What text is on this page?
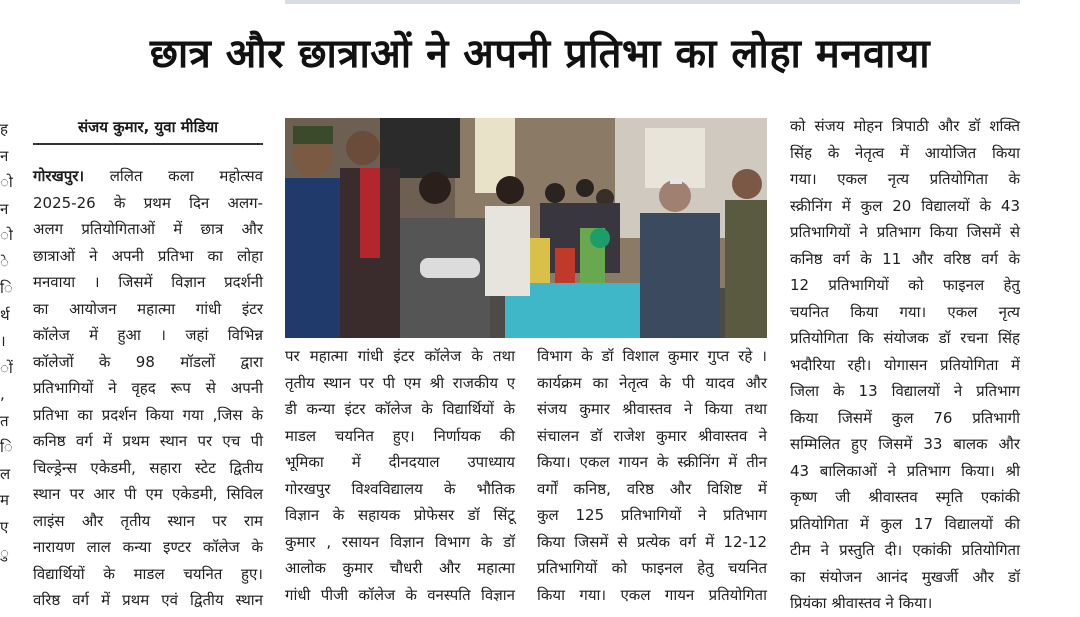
छात्र और छात्राओं ने अपनी प्रतिभा का लोहा मनवाया
ह
न
ो
न
ो
े
ि
र्थ
।
ों
,
त
ि
ल
म
ए
ु
संजय कुमार, युवा मीडिया
गोरखपुर। ललित कला महोत्सव
2025-26 के प्रथम दिन अलग-
अलग प्रतियोगिताओं में छात्र और
छात्राओं ने अपनी प्रतिभा का लोहा
मनवाया । जिसमें विज्ञान प्रदर्शनी
का आयोजन महात्मा गांधी इंटर
कॉलेज में हुआ । जहां विभिन्न
कॉलेजों के 98 मॉडलों द्वारा
प्रतिभागियों ने वृहद रूप से अपनी
प्रतिभा का प्रदर्शन किया गया ,जिस के
कनिष्ठ वर्ग में प्रथम स्थान पर एच पी
चिल्ड्रेन्स एकेडमी, सहारा स्टेट द्वितीय
स्थान पर आर पी एम एकेडमी, सिविल
लाइंस और तृतीय स्थान पर राम
नारायण लाल कन्या इण्टर कॉलेज के
विद्यार्थियों के माडल चयनित हुए।
वरिष्ठ वर्ग में प्रथम एवं द्वितीय स्थान
पर महात्मा गांधी इंटर कॉलेज के तथा
तृतीय स्थान पर पी एम श्री राजकीय ए
डी कन्या इंटर कॉलेज के विद्यार्थियों के
माडल चयनित हुए। निर्णायक की
भूमिका में दीनदयाल उपाध्याय
गोरखपुर विश्वविद्यालय के भौतिक
विज्ञान के सहायक प्रोफेसर डॉ सिंटू
कुमार , रसायन विज्ञान विभाग के डॉ
आलोक कुमार चौधरी और महात्मा
गांधी पीजी कॉलेज के वनस्पति विज्ञान
विभाग के डॉ विशाल कुमार गुप्त रहे ।
कार्यक्रम का नेतृत्व के पी यादव और
संजय कुमार श्रीवास्तव ने किया तथा
संचालन डॉ राजेश कुमार श्रीवास्तव ने
किया। एकल गायन के स्क्रीनिंग में तीन
वर्गों कनिष्ठ, वरिष्ठ और विशिष्ट में
कुल 125 प्रतिभागियों ने प्रतिभाग
किया जिसमें से प्रत्येक वर्ग में 12-12
प्रतिभागियों को फाइनल हेतु चयनित
किया गया। एकल गायन प्रतियोगिता
को संजय मोहन त्रिपाठी और डॉ शक्ति
सिंह के नेतृत्व में आयोजित किया
गया। एकल नृत्य प्रतियोगिता के
स्क्रीनिंग में कुल 20 विद्यालयों के 43
प्रतिभागियों ने प्रतिभाग किया जिसमें से
कनिष्ठ वर्ग के 11 और वरिष्ठ वर्ग के
12 प्रतिभागियों को फाइनल हेतु
चयनित किया गया। एकल नृत्य
प्रतियोगिता कि संयोजक डॉ रचना सिंह
भदौरिया रही। योगासन प्रतियोगिता में
जिला के 13 विद्यालयों ने प्रतिभाग
किया जिसमें कुल 76 प्रतिभागी
सम्मिलित हुए जिसमें 33 बालक और
43 बालिकाओं ने प्रतिभाग किया। श्री
कृष्ण जी श्रीवास्तव स्मृति एकांकी
प्रतियोगिता में कुल 17 विद्यालयों की
टीम ने प्रस्तुति दी। एकांकी प्रतियोगिता
का संयोजन आनंद मुखर्जी और डॉ
प्रियंका श्रीवास्तव ने किया।
